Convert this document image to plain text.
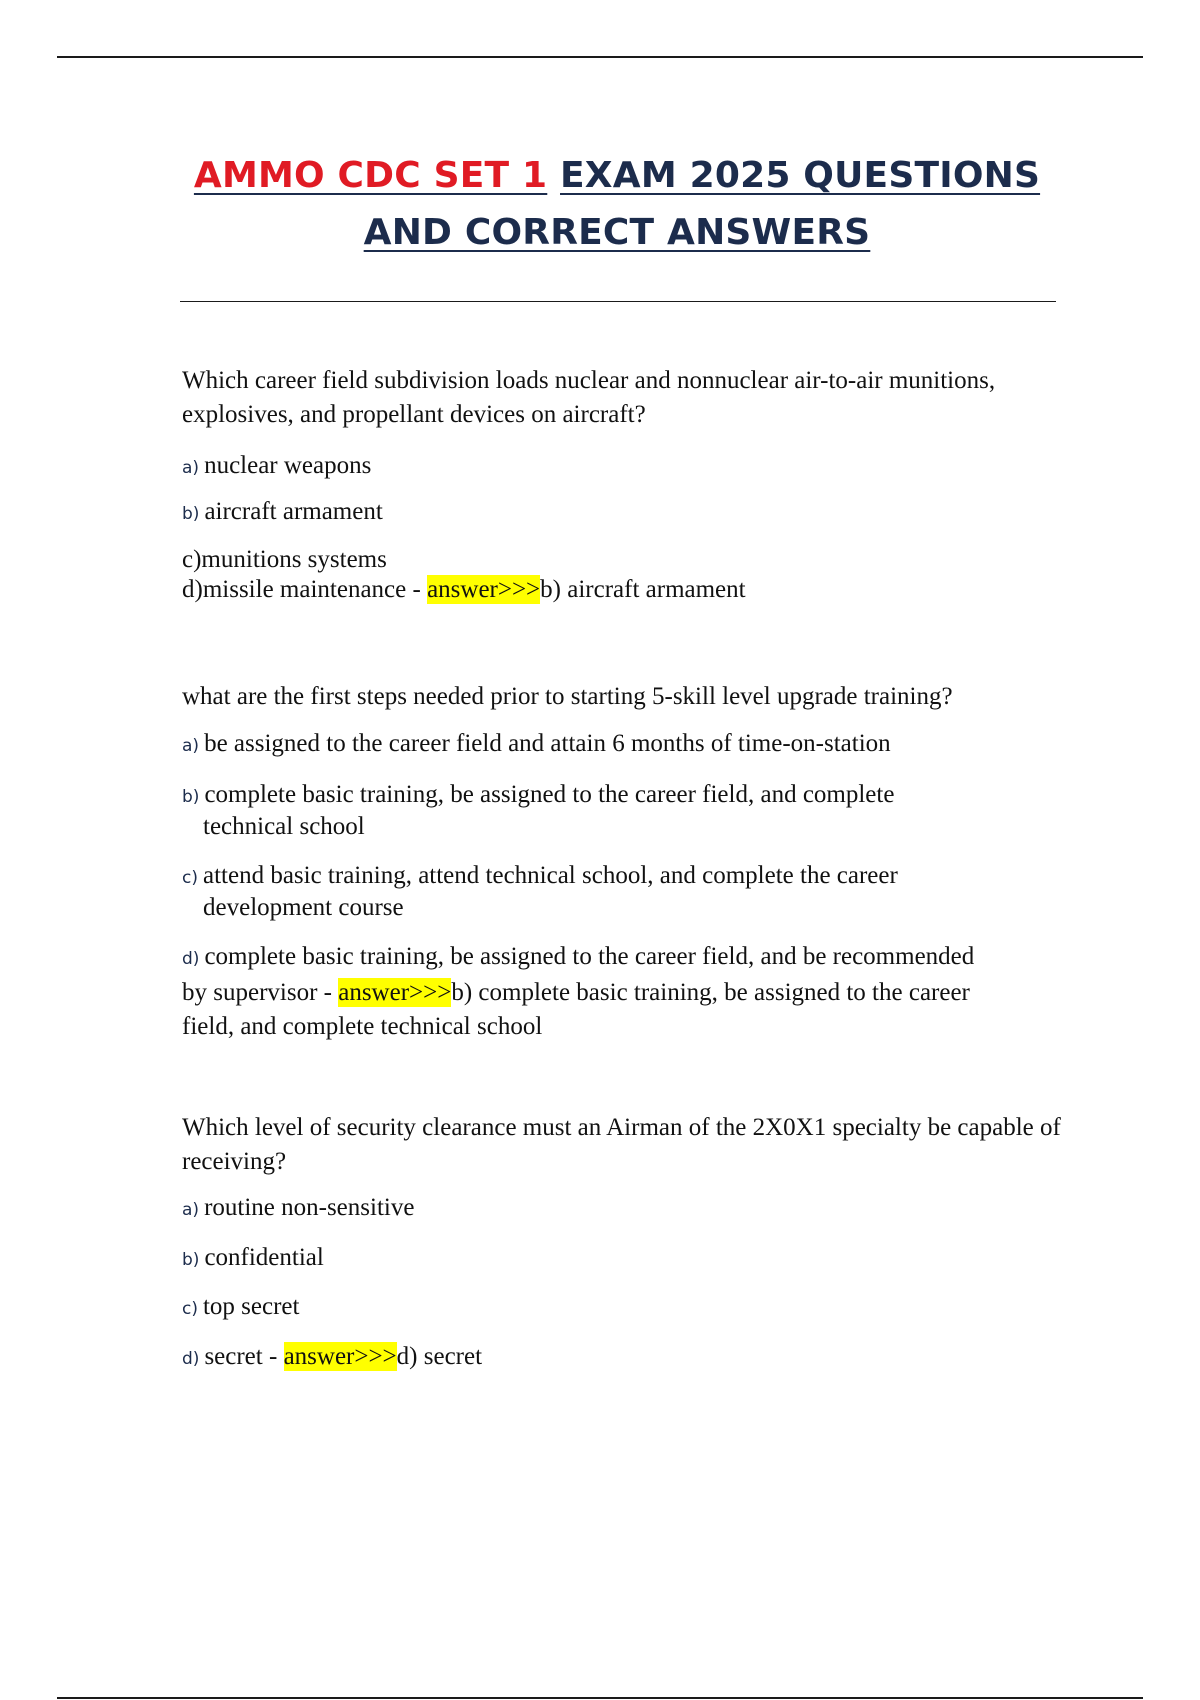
AMMO CDC SET 1 EXAM 2025 QUESTIONS
AND CORRECT ANSWERS
Which career field subdivision loads nuclear and nonnuclear air-to-air munitions, explosives, and propellant devices on aircraft?
a) nuclear weapons
b) aircraft armament
c)munitions systems
d)missile maintenance - answer>>>b) aircraft armament
what are the first steps needed prior to starting 5-skill level upgrade training?
a) be assigned to the career field and attain 6 months of time-on-station
b) complete basic training, be assigned to the career field, and complete technical school
c) attend basic training, attend technical school, and complete the career development course
d) complete basic training, be assigned to the career field, and be recommended by supervisor - answer>>>b) complete basic training, be assigned to the career field, and complete technical school
Which level of security clearance must an Airman of the 2X0X1 specialty be capable of receiving?
a) routine non-sensitive
b) confidential
c) top secret
d) secret - answer>>>d) secret
